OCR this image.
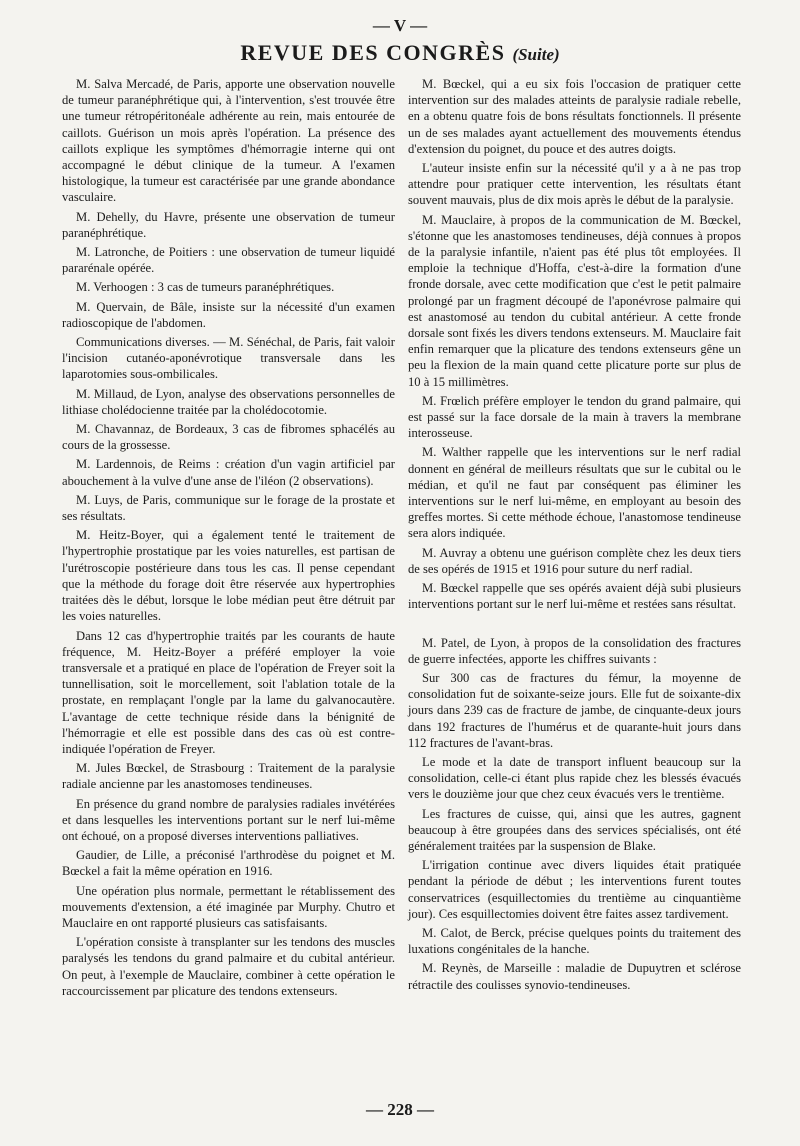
— V —
REVUE DES CONGRÈS (Suite)

M. Salva Mercadé, de Paris, apporte une observation nouvelle de tumeur paranéphrétique qui, à l'intervention, s'est trouvée être une tumeur rétropéritonéale adhérente au rein, mais entourée de caillots. Guérison un mois après l'opération. La présence des caillots explique les symptômes d'hémorragie interne qui ont accompagné le début clinique de la tumeur. A l'examen histologique, la tumeur est caractérisée par une grande abondance vasculaire.

M. Dehelly, du Havre, présente une observation de tumeur paranéphrétique.

M. Latronche, de Poitiers : une observation de tumeur liquidé pararénale opérée.

M. Verhoogen : 3 cas de tumeurs paranéphrétiques.

M. Quervain, de Bâle, insiste sur la nécessité d'un examen radioscopique de l'abdomen.

Communications diverses. — M. Sénéchal, de Paris, fait valoir l'incision cutanéo-aponévrotique transversale dans les laparotomies sous-ombilicales.

M. Millaud, de Lyon, analyse des observations personnelles de lithiase cholédocienne traitée par la cholédocotomie.

M. Chavannaz, de Bordeaux, 3 cas de fibromes sphacélés au cours de la grossesse.

M. Lardennois, de Reims : création d'un vagin artificiel par abouchement à la vulve d'une anse de l'iléon (2 observations).

M. Luys, de Paris, communique sur le forage de la prostate et ses résultats.

M. Heitz-Boyer, qui a également tenté le traitement de l'hypertrophie prostatique par les voies naturelles, est partisan de l'urétroscopie postérieure dans tous les cas. Il pense cependant que la méthode du forage doit être réservée aux hypertrophies traitées dès le début, lorsque le lobe médian peut être détruit par les voies naturelles.

Dans 12 cas d'hypertrophie traités par les courants de haute fréquence, M. Heitz-Boyer a préféré employer la voie transversale et a pratiqué en place de l'opération de Freyer soit la tunnellisation, soit le morcellement, soit l'ablation totale de la prostate, en remplaçant l'ongle par la lame du galvanocautère. L'avantage de cette technique réside dans la bénignité de l'hémorragie et elle est possible dans des cas où est contre-indiquée l'opération de Freyer.

M. Jules Bœckel, de Strasbourg : Traitement de la paralysie radiale ancienne par les anastomoses tendineuses.

En présence du grand nombre de paralysies radiales invétérées et dans lesquelles les interventions portant sur le nerf lui-même ont échoué, on a proposé diverses interventions palliatives.

Gaudier, de Lille, a préconisé l'arthrodèse du poignet et M. Bœckel a fait la même opération en 1916.

Une opération plus normale, permettant le rétablissement des mouvements d'extension, a été imaginée par Murphy. Chutro et Mauclaire en ont rapporté plusieurs cas satisfaisants.

L'opération consiste à transplanter sur les tendons des muscles paralysés les tendons du grand palmaire et du cubital antérieur. On peut, à l'exemple de Mauclaire, combiner à cette opération le raccourcissement par plicature des tendons extenseurs.

M. Bœckel, qui a eu six fois l'occasion de pratiquer cette intervention sur des malades atteints de paralysie radiale rebelle, en a obtenu quatre fois de bons résultats fonctionnels. Il présente un de ses malades ayant actuellement des mouvements étendus d'extension du poignet, du pouce et des autres doigts.

L'auteur insiste enfin sur la nécessité qu'il y a à ne pas trop attendre pour pratiquer cette intervention, les résultats étant souvent mauvais, plus de dix mois après le début de la paralysie.

M. Mauclaire, à propos de la communication de M. Bœckel, s'étonne que les anastomoses tendineuses, déjà connues à propos de la paralysie infantile, n'aient pas été plus tôt employées. Il emploie la technique d'Hoffa, c'est-à-dire la formation d'une fronde dorsale, avec cette modification que c'est le petit palmaire prolongé par un fragment découpé de l'aponévrose palmaire qui est anastomosé au tendon du cubital antérieur. A cette fronde dorsale sont fixés les divers tendons extenseurs. M. Mauclaire fait enfin remarquer que la plicature des tendons extenseurs gêne un peu la flexion de la main quand cette plicature porte sur plus de 10 à 15 millimètres.

M. Frœlich préfère employer le tendon du grand palmaire, qui est passé sur la face dorsale de la main à travers la membrane interosseuse.

M. Walther rappelle que les interventions sur le nerf radial donnent en général de meilleurs résultats que sur le cubital ou le médian, et qu'il ne faut par conséquent pas éliminer les interventions sur le nerf lui-même, en employant au besoin des greffes mortes. Si cette méthode échoue, l'anastomose tendineuse sera alors indiquée.

M. Auvray a obtenu une guérison complète chez les deux tiers de ses opérés de 1915 et 1916 pour suture du nerf radial.

M. Bœckel rappelle que ses opérés avaient déjà subi plusieurs interventions portant sur le nerf lui-même et restées sans résultat.

M. Patel, de Lyon, à propos de la consolidation des fractures de guerre infectées, apporte les chiffres suivants :

Sur 300 cas de fractures du fémur, la moyenne de consolidation fut de soixante-seize jours. Elle fut de soixante-dix jours dans 239 cas de fracture de jambe, de cinquante-deux jours dans 192 fractures de l'humérus et de quarante-huit jours dans 112 fractures de l'avant-bras.

Le mode et la date de transport influent beaucoup sur la consolidation, celle-ci étant plus rapide chez les blessés évacués vers le douzième jour que chez ceux évacués vers le trentième.

Les fractures de cuisse, qui, ainsi que les autres, gagnent beaucoup à être groupées dans des services spécialisés, ont été généralement traitées par la suspension de Blake.

L'irrigation continue avec divers liquides était pratiquée pendant la période de début ; les interventions furent toutes conservatrices (esquillectomies du trentième au cinquantième jour). Ces esquillectomies doivent être faites assez tardivement.

M. Calot, de Berck, précise quelques points du traitement des luxations congénitales de la hanche.

M. Reynès, de Marseille : maladie de Dupuytren et sclérose rétractile des coulisses synovio-tendineuses.

— 228 —
